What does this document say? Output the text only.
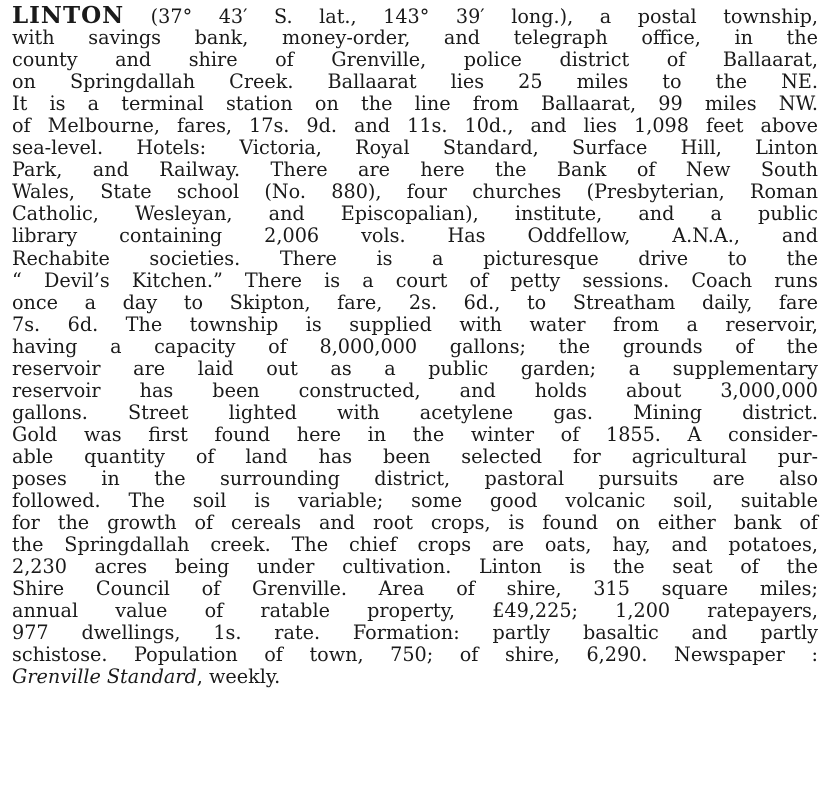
LINTON (37° 43′ S. lat., 143° 39′ long.), a postal township,
with savings bank, money-order, and telegraph office, in the
county and shire of Grenville, police district of Ballaarat,
on Springdallah Creek. Ballaarat lies 25 miles to the NE.
It is a terminal station on the line from Ballaarat, 99 miles NW.
of Melbourne, fares, 17s. 9d. and 11s. 10d., and lies 1,098 feet above
sea-level. Hotels: Victoria, Royal Standard, Surface Hill, Linton
Park, and Railway. There are here the Bank of New South
Wales, State school (No. 880), four churches (Presbyterian, Roman
Catholic, Wesleyan, and Episcopalian), institute, and a public
library containing 2,006 vols. Has Oddfellow, A.N.A., and
Rechabite societies. There is a picturesque drive to the
“ Devil’s Kitchen.” There is a court of petty sessions. Coach runs
once a day to Skipton, fare, 2s. 6d., to Streatham daily, fare
7s. 6d. The township is supplied with water from a reservoir,
having a capacity of 8,000,000 gallons; the grounds of the
reservoir are laid out as a public garden; a supplementary
reservoir has been constructed, and holds about 3,000,000
gallons. Street lighted with acetylene gas. Mining district.
Gold was first found here in the winter of 1855. A consider-
able quantity of land has been selected for agricultural pur-
poses in the surrounding district, pastoral pursuits are also
followed. The soil is variable; some good volcanic soil, suitable
for the growth of cereals and root crops, is found on either bank of
the Springdallah creek. The chief crops are oats, hay, and potatoes,
2,230 acres being under cultivation. Linton is the seat of the
Shire Council of Grenville. Area of shire, 315 square miles;
annual value of ratable property, £49,225; 1,200 ratepayers,
977 dwellings, 1s. rate. Formation: partly basaltic and partly
schistose. Population of town, 750; of shire, 6,290. Newspaper :
Grenville Standard, weekly.
